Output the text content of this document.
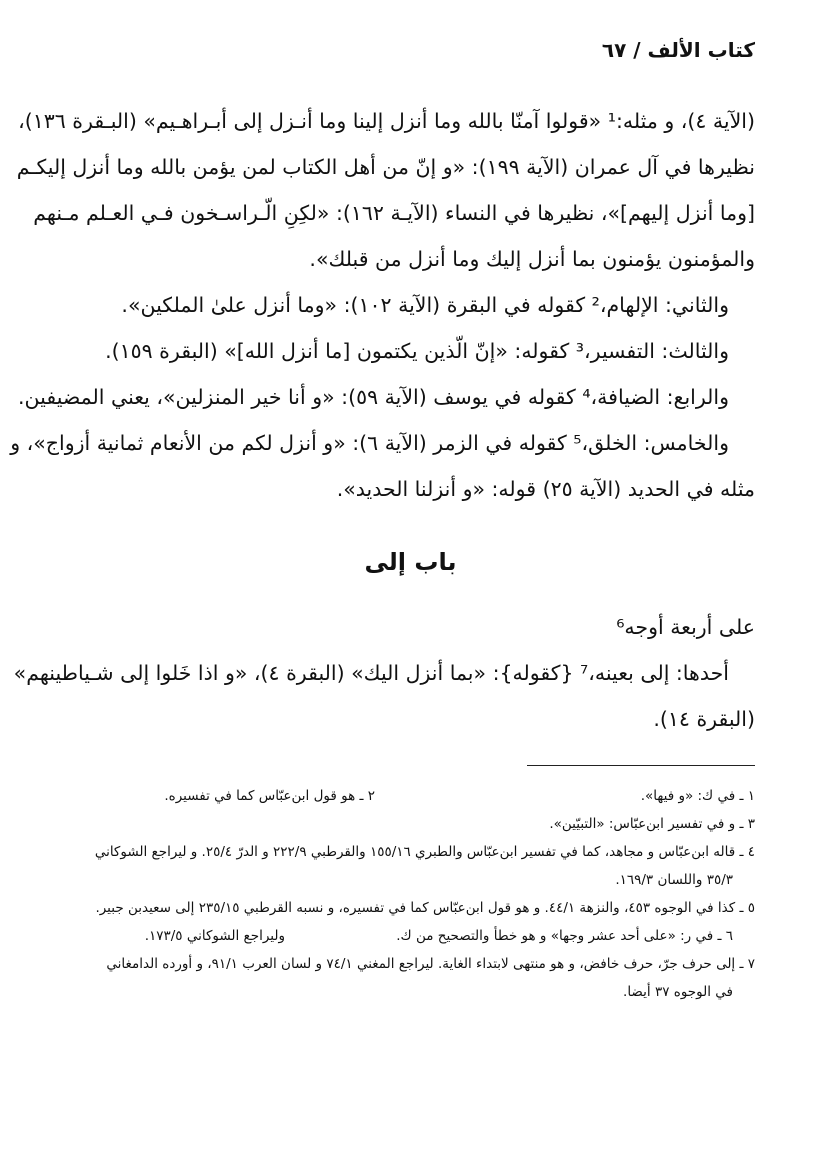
كتاب الألف / ٦٧
(الآية ٤)، و مثله:¹ «قولوا آمنّا بالله وما أنزل إلينا وما أنـزل إلى أبـراهـيم» (البـقرة ١٣٦)،
نظيرها في آل عمران (الآية ١٩٩): «و إنّ من أهل الكتاب لمن يؤمن بالله وما أنزل إليكـم
[وما أنزل إليهم]»، نظيرها في النساء (الآيـة ١٦٢): «لكِنِ الّـراسـخون فـي العـلم مـنهم
والمؤمنون يؤمنون بما أنزل إليك وما أنزل من قبلك».
والثاني: الإلهام،² كقوله في البقرة (الآية ١٠٢): «وما أنزل علىٰ الملكين».
والثالث: التفسير،³ كقوله: «إنّ الّذين يكتمون [ما أنزل الله]» (البقرة ١٥٩).
والرابع: الضيافة،⁴ كقوله في يوسف (الآية ٥٩): «و أنا خير المنزلين»، يعني المضيفين.
والخامس: الخلق،⁵ كقوله في الزمر (الآية ٦): «و أنزل لكم من الأنعام ثمانية أزواج»، و
مثله في الحديد (الآية ٢٥) قوله: «و أنزلنا الحديد».
باب إلى
على أربعة أوجه⁶
أحدها: إلى بعينه،⁷ {كقوله}: «بما أنزل اليك» (البقرة ٤)، «و اذا خَلوا إلى شـياطينهم»
(البقرة ١٤).
١ ـ في ك: «و فيها».
٢ ـ هو قول ابن‌عبّاس كما في تفسيره.
٣ ـ و في تفسير ابن‌عبّاس: «التبيّين».
٤ ـ قاله ابن‌عبّاس و مجاهد، كما في تفسير ابن‌عبّاس والطبري ١٥٥/١٦ والقرطبي ٢٢٢/٩ و الدرّ ٢٥/٤. و ليراجع الشوكاني
٣٥/٣ واللسان ١٦٩/٣.
٥ ـ كذا في الوجوه ٤٥٣، والنزهة ٤٤/١. و هو قول ابن‌عبّاس كما في تفسيره، و نسبه القرطبي ٢٣٥/١٥ إلى سعيدبن جبير.
٦ ـ في ر: «على أحد عشر وجها» و هو خطأ والتصحيح من ك.
وليراجع الشوكاني ١٧٣/٥.
٧ ـ إلى حرف جرّ، حرف خافض، و هو منتهى لابتداء الغاية. ليراجع المغني ٧٤/١ و لسان العرب ٩١/١، و أورده الدامغاني
في الوجوه ٣٧ أيضا.
